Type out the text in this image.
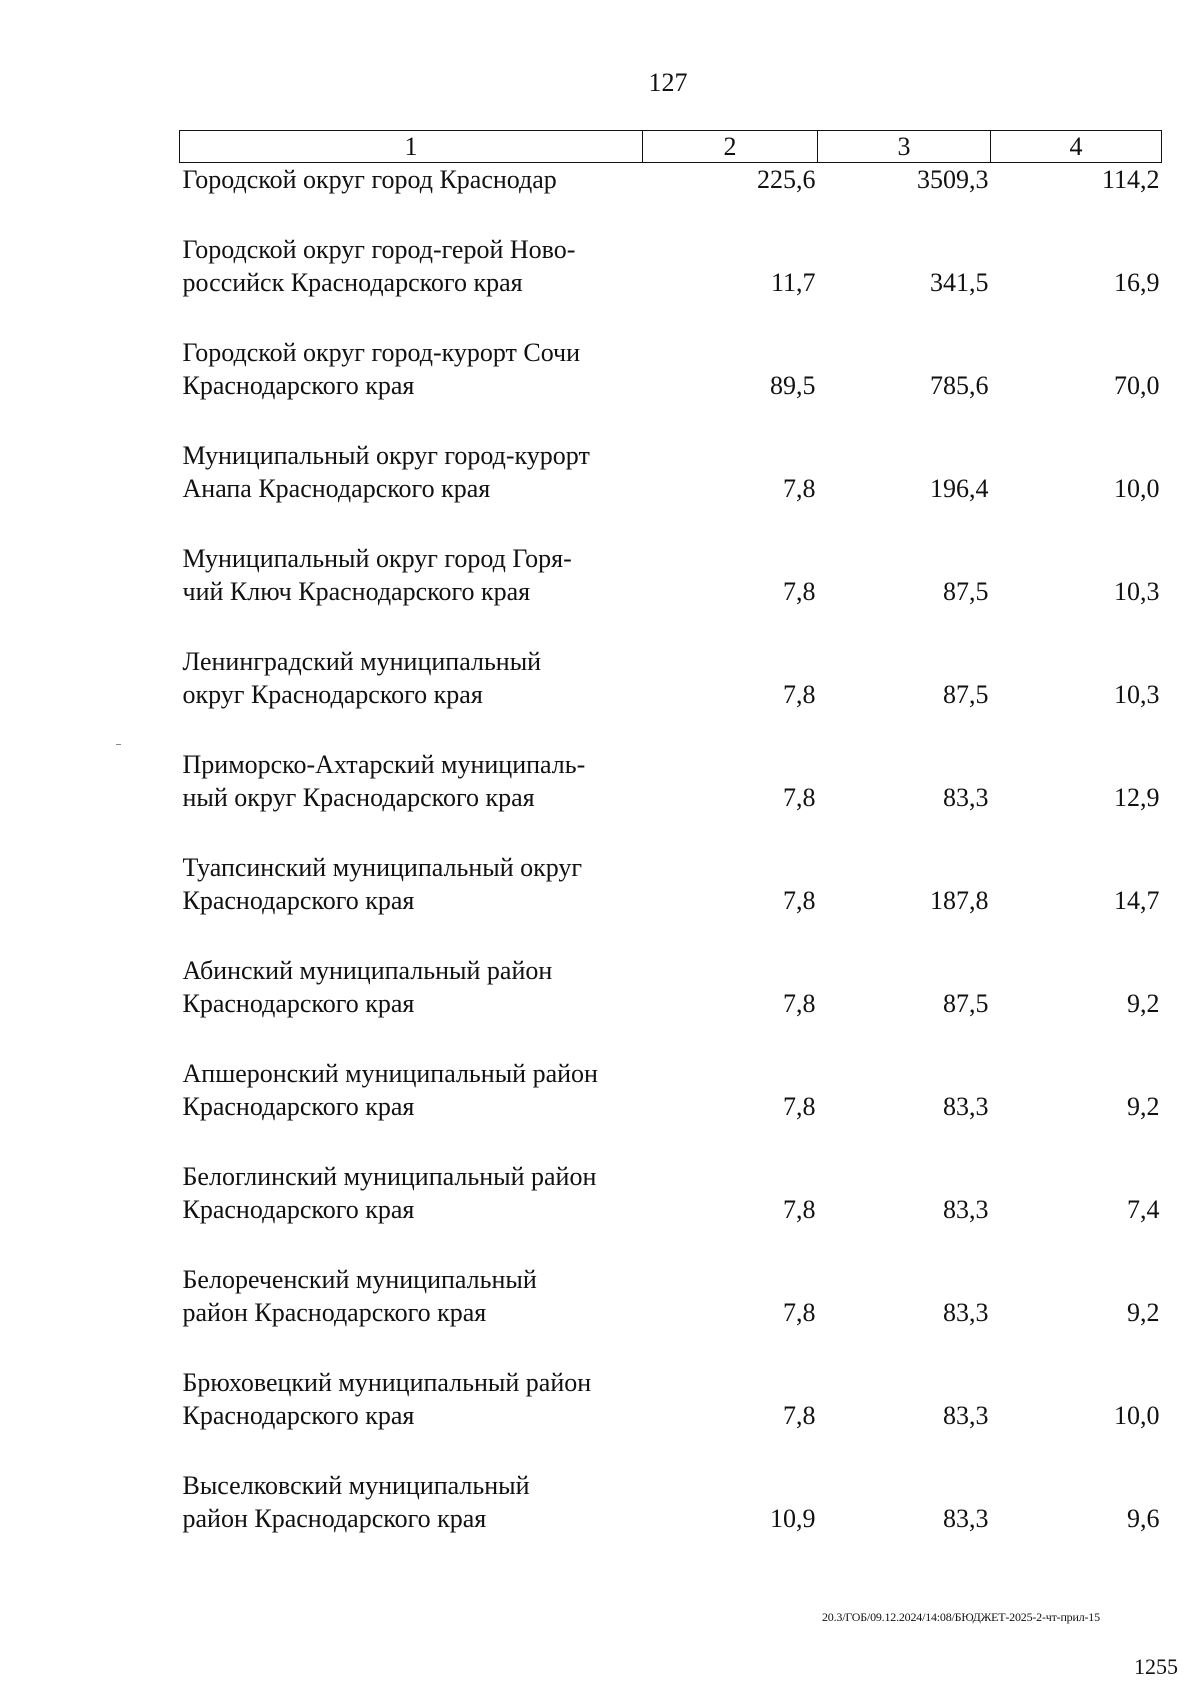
127
1	2	3	4
Городской округ город Краснодар	225,6	3509,3	114,2

Городской округ город-герой Ново-
российск Краснодарского края	11,7	341,5	16,9

Городской округ город-курорт Сочи
Краснодарского края	89,5	785,6	70,0

Муниципальный округ город-курорт
Анапа Краснодарского края	7,8	196,4	10,0

Муниципальный округ город Горя-
чий Ключ Краснодарского края	7,8	87,5	10,3

Ленинградский муниципальный
округ Краснодарского края	7,8	87,5	10,3

Приморско-Ахтарский муниципаль-
ный округ Краснодарского края	7,8	83,3	12,9

Туапсинский муниципальный округ
Краснодарского края	7,8	187,8	14,7

Абинский муниципальный район
Краснодарского края	7,8	87,5	9,2

Апшеронский муниципальный район
Краснодарского края	7,8	83,3	9,2

Белоглинский муниципальный район
Краснодарского края	7,8	83,3	7,4

Белореченский муниципальный
район Краснодарского края	7,8	83,3	9,2

Брюховецкий муниципальный район
Краснодарского края	7,8	83,3	10,0

Выселковский муниципальный
район Краснодарского края	10,9	83,3	9,6
20.3/ГОБ/09.12.2024/14:08/БЮДЖЕТ-2025-2-чт-прил-15
1255
